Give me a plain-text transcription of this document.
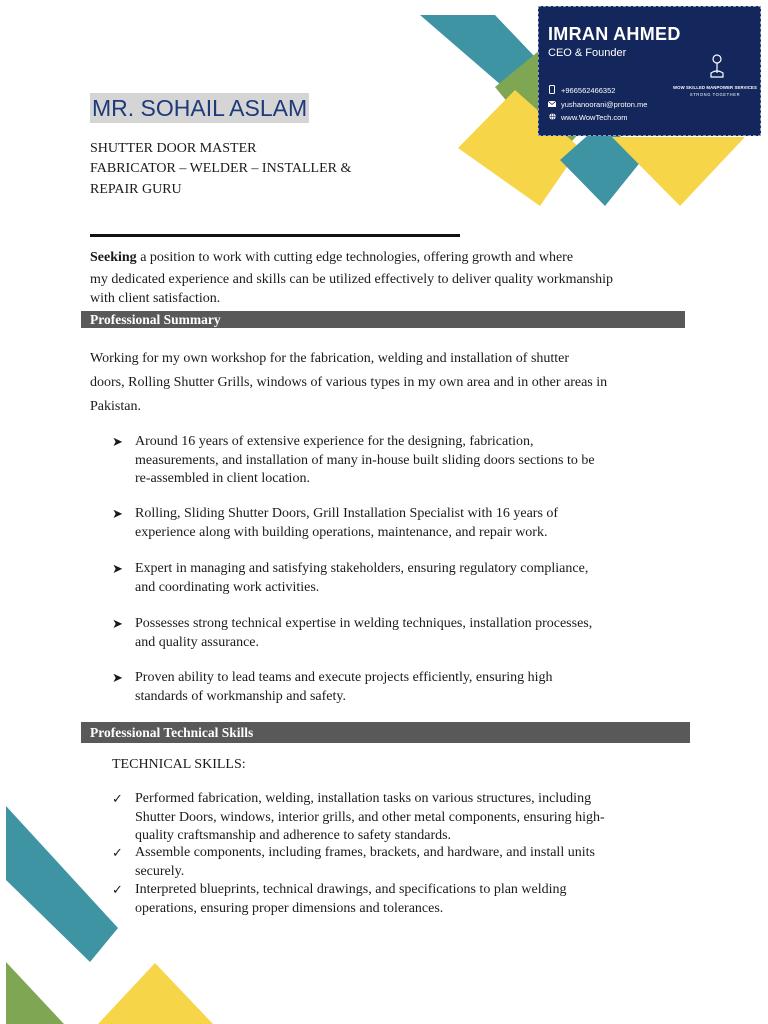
IMRAN AHMED
CEO & Founder
+966562466352
yushanoorani@proton.me
www.WowTech.com
WOW SKILLED MANPOWER SERVICES
STRONG TOGETHER
MR. SOHAIL ASLAM
SHUTTER DOOR MASTER
FABRICATOR – WELDER – INSTALLER &
REPAIR GURU
Seeking a position to work with cutting edge technologies, offering growth and where
my dedicated experience and skills can be utilized effectively to deliver quality workmanship
with client satisfaction.
Professional Summary
Working for my own workshop for the fabrication, welding and installation of shutter
doors, Rolling Shutter Grills, windows of various types in my own area and in other areas in
Pakistan.
➤ Around 16 years of extensive experience for the designing, fabrication,
measurements, and installation of many in-house built sliding doors sections to be
re-assembled in client location.
➤ Rolling, Sliding Shutter Doors, Grill Installation Specialist with 16 years of
experience along with building operations, maintenance, and repair work.
➤ Expert in managing and satisfying stakeholders, ensuring regulatory compliance,
and coordinating work activities.
➤ Possesses strong technical expertise in welding techniques, installation processes,
and quality assurance.
➤ Proven ability to lead teams and execute projects efficiently, ensuring high
standards of workmanship and safety.
Professional Technical Skills
TECHNICAL SKILLS:
✓ Performed fabrication, welding, installation tasks on various structures, including
Shutter Doors, windows, interior grills, and other metal components, ensuring high-
quality craftsmanship and adherence to safety standards.
✓ Assemble components, including frames, brackets, and hardware, and install units
securely.
✓ Interpreted blueprints, technical drawings, and specifications to plan welding
operations, ensuring proper dimensions and tolerances.
